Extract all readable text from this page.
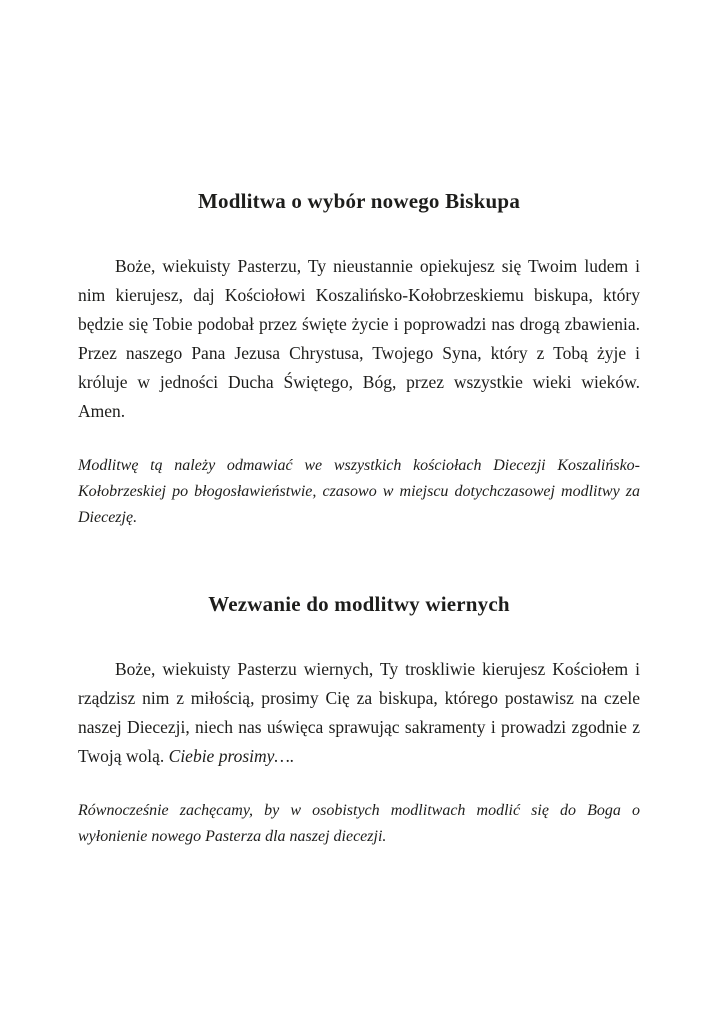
Modlitwa o wybór nowego Biskupa

Boże, wiekuisty Pasterzu, Ty nieustannie opiekujesz się Twoim ludem i nim kierujesz, daj Kościołowi Koszalińsko-Kołobrzeskiemu biskupa, który będzie się Tobie podobał przez święte życie i poprowadzi nas drogą zbawienia. Przez naszego Pana Jezusa Chrystusa, Twojego Syna, który z Tobą żyje i króluje w jedności Ducha Świętego, Bóg, przez wszystkie wieki wieków. Amen.

Modlitwę tą należy odmawiać we wszystkich kościołach Diecezji Koszalińsko-Kołobrzeskiej po błogosławieństwie, czasowo w miejscu dotychczasowej modlitwy za Diecezję.

Wezwanie do modlitwy wiernych

Boże, wiekuisty Pasterzu wiernych, Ty troskliwie kierujesz Kościołem i rządzisz nim z miłością, prosimy Cię za biskupa, którego postawisz na czele naszej Diecezji, niech nas uświęca sprawując sakramenty i prowadzi zgodnie z Twoją wolą. Ciebie prosimy….

Równocześnie zachęcamy, by w osobistych modlitwach modlić się do Boga o wyłonienie nowego Pasterza dla naszej diecezji.
